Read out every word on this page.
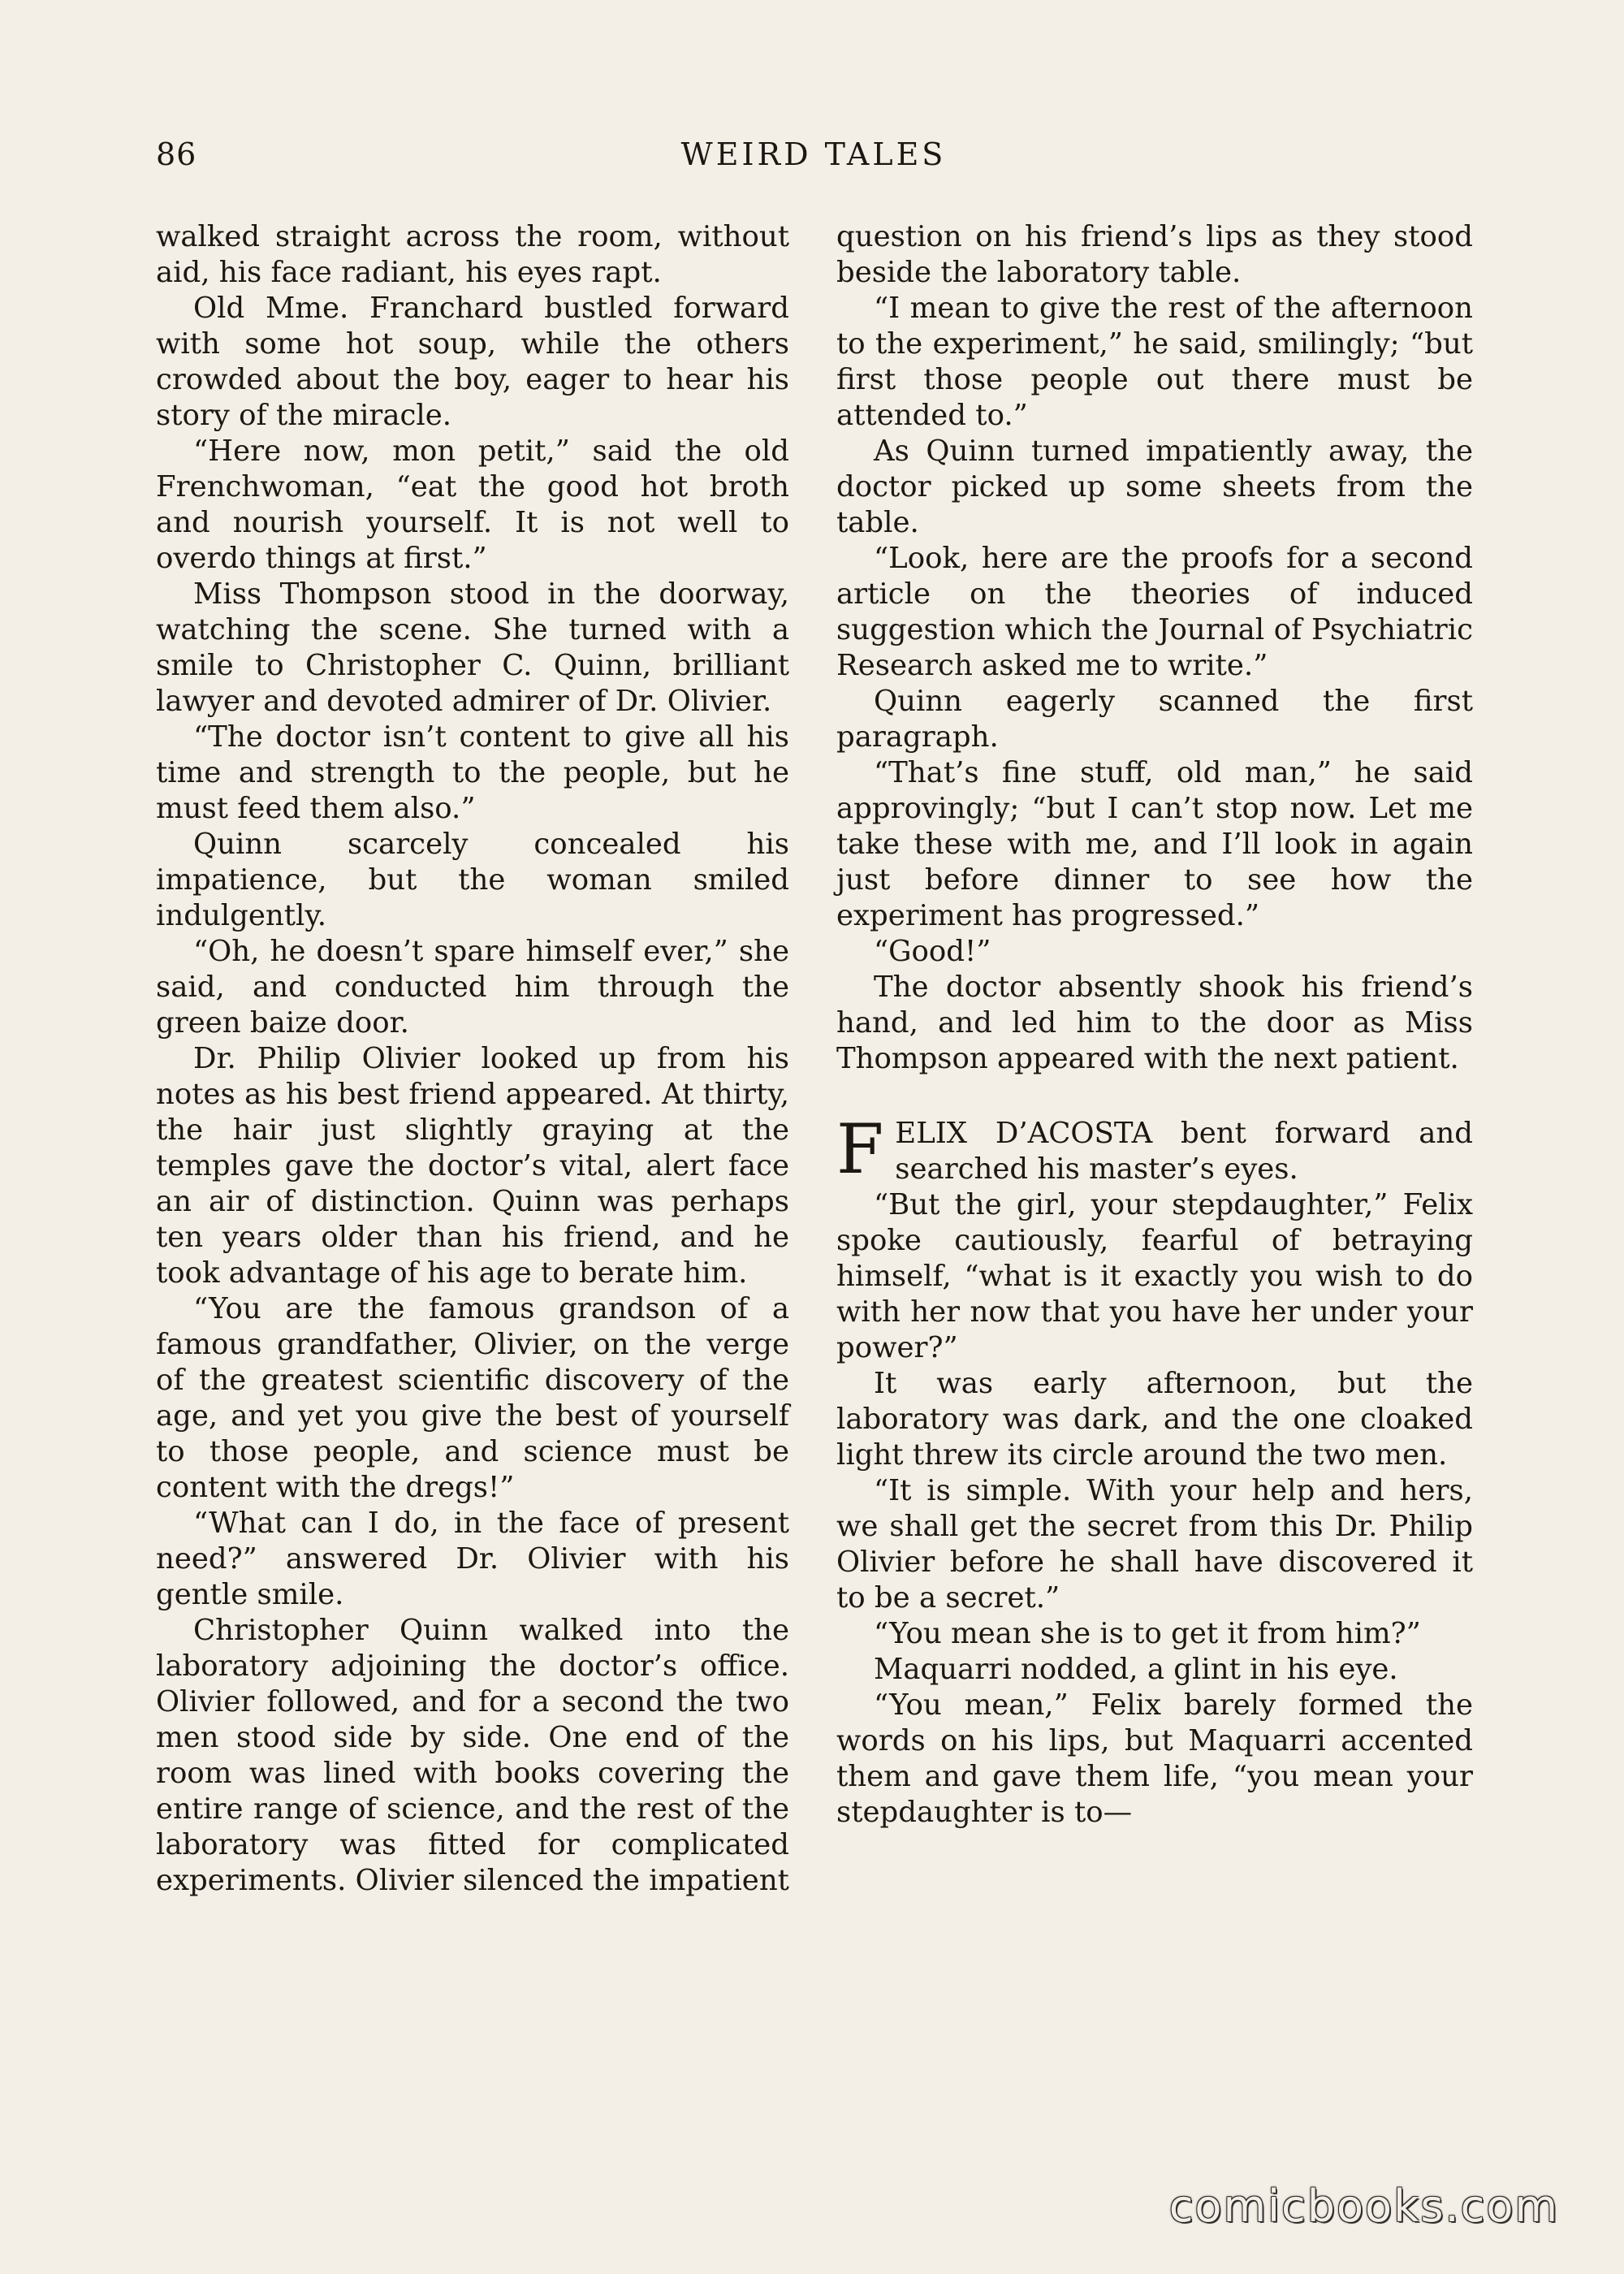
86	WEIRD TALES

walked straight across the room, without aid, his face radiant, his eyes rapt.

Old Mme. Franchard bustled forward with some hot soup, while the others crowded about the boy, eager to hear his story of the miracle.

“Here now, mon petit,” said the old Frenchwoman, “eat the good hot broth and nourish yourself. It is not well to overdo things at first.”

Miss Thompson stood in the doorway, watching the scene. She turned with a smile to Christopher C. Quinn, brilliant lawyer and devoted admirer of Dr. Olivier.

“The doctor isn’t content to give all his time and strength to the people, but he must feed them also.”

Quinn scarcely concealed his impatience, but the woman smiled indulgently.

“Oh, he doesn’t spare himself ever,” she said, and conducted him through the green baize door.

Dr. Philip Olivier looked up from his notes as his best friend appeared. At thirty, the hair just slightly graying at the temples gave the doctor’s vital, alert face an air of distinction. Quinn was perhaps ten years older than his friend, and he took advantage of his age to berate him.

“You are the famous grandson of a famous grandfather, Olivier, on the verge of the greatest scientific discovery of the age, and yet you give the best of yourself to those people, and science must be content with the dregs!”

“What can I do, in the face of present need?” answered Dr. Olivier with his gentle smile.

Christopher Quinn walked into the laboratory adjoining the doctor’s office. Olivier followed, and for a second the two men stood side by side. One end of the room was lined with books covering the entire range of science, and the rest of the laboratory was fitted for complicated experiments. Olivier silenced the impatient

question on his friend’s lips as they stood beside the laboratory table.

“I mean to give the rest of the afternoon to the experiment,” he said, smilingly; “but first those people out there must be attended to.”

As Quinn turned impatiently away, the doctor picked up some sheets from the table.

“Look, here are the proofs for a second article on the theories of induced suggestion which the Journal of Psychiatric Research asked me to write.”

Quinn eagerly scanned the first paragraph.

“That’s fine stuff, old man,” he said approvingly; “but I can’t stop now. Let me take these with me, and I’ll look in again just before dinner to see how the experiment has progressed.”

“Good!”

The doctor absently shook his friend’s hand, and led him to the door as Miss Thompson appeared with the next patient.

FELIX D’ACOSTA bent forward and searched his master’s eyes.

“But the girl, your stepdaughter,” Felix spoke cautiously, fearful of betraying himself, “what is it exactly you wish to do with her now that you have her under your power?”

It was early afternoon, but the laboratory was dark, and the one cloaked light threw its circle around the two men.

“It is simple. With your help and hers, we shall get the secret from this Dr. Philip Olivier before he shall have discovered it to be a secret.”

“You mean she is to get it from him?”

Maquarri nodded, a glint in his eye.

“You mean,” Felix barely formed the words on his lips, but Maquarri accented them and gave them life, “you mean your stepdaughter is to—

comicbooks.com
